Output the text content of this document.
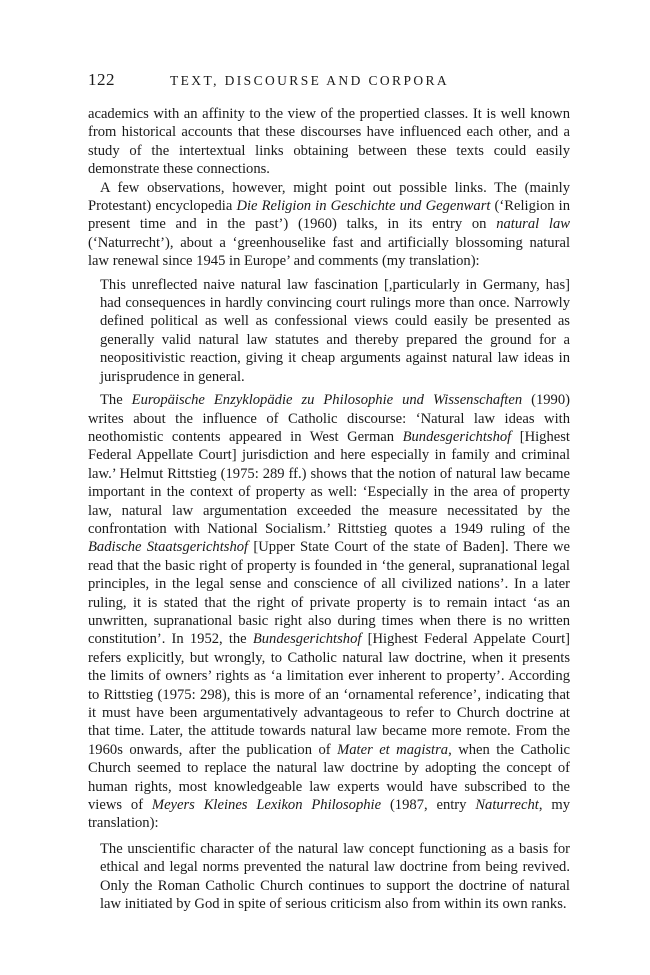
122	TEXT, DISCOURSE AND CORPORA

academics with an affinity to the view of the propertied classes. It is well known from historical accounts that these discourses have influenced each other, and a study of the intertextual links obtaining between these texts could easily demonstrate these connections.

A few observations, however, might point out possible links. The (mainly Protestant) encyclopedia Die Religion in Geschichte und Gegenwart (‘Religion in present time and in the past’) (1960) talks, in its entry on natural law (‘Naturrecht’), about a ‘greenhouselike fast and artificially blossoming natural law renewal since 1945 in Europe’ and comments (my translation):

This unreflected naive natural law fascination [,particularly in Germany, has] had consequences in hardly convincing court rulings more than once. Narrowly defined political as well as confessional views could easily be presented as generally valid natural law statutes and thereby prepared the ground for a neopositivistic reaction, giving it cheap arguments against natural law ideas in jurisprudence in general.

The Europäische Enzyklopädie zu Philosophie und Wissenschaften (1990) writes about the influence of Catholic discourse: ‘Natural law ideas with neothomistic contents appeared in West German Bundesgerichtshof [Highest Federal Appellate Court] jurisdiction and here especially in family and criminal law.’ Helmut Rittstieg (1975: 289 ff.) shows that the notion of natural law became important in the context of property as well: ‘Especially in the area of property law, natural law argumentation exceeded the measure necessitated by the confrontation with National Socialism.’ Rittstieg quotes a 1949 ruling of the Badische Staatsgerichtshof [Upper State Court of the state of Baden]. There we read that the basic right of property is founded in ‘the general, supranational legal principles, in the legal sense and conscience of all civilized nations’. In a later ruling, it is stated that the right of private property is to remain intact ‘as an unwritten, supranational basic right also during times when there is no written constitution’. In 1952, the Bundesgerichtshof [Highest Federal Appelate Court] refers explicitly, but wrongly, to Catholic natural law doctrine, when it presents the limits of owners’ rights as ‘a limitation ever inherent to property’. According to Rittstieg (1975: 298), this is more of an ‘ornamental reference’, indicating that it must have been argumentatively advantageous to refer to Church doctrine at that time. Later, the attitude towards natural law became more remote. From the 1960s onwards, after the publication of Mater et magistra, when the Catholic Church seemed to replace the natural law doctrine by adopting the concept of human rights, most knowledgeable law experts would have subscribed to the views of Meyers Kleines Lexikon Philosophie (1987, entry Naturrecht, my translation):

The unscientific character of the natural law concept functioning as a basis for ethical and legal norms prevented the natural law doctrine from being revived. Only the Roman Catholic Church continues to support the doctrine of natural law initiated by God in spite of serious criticism also from within its own ranks.
